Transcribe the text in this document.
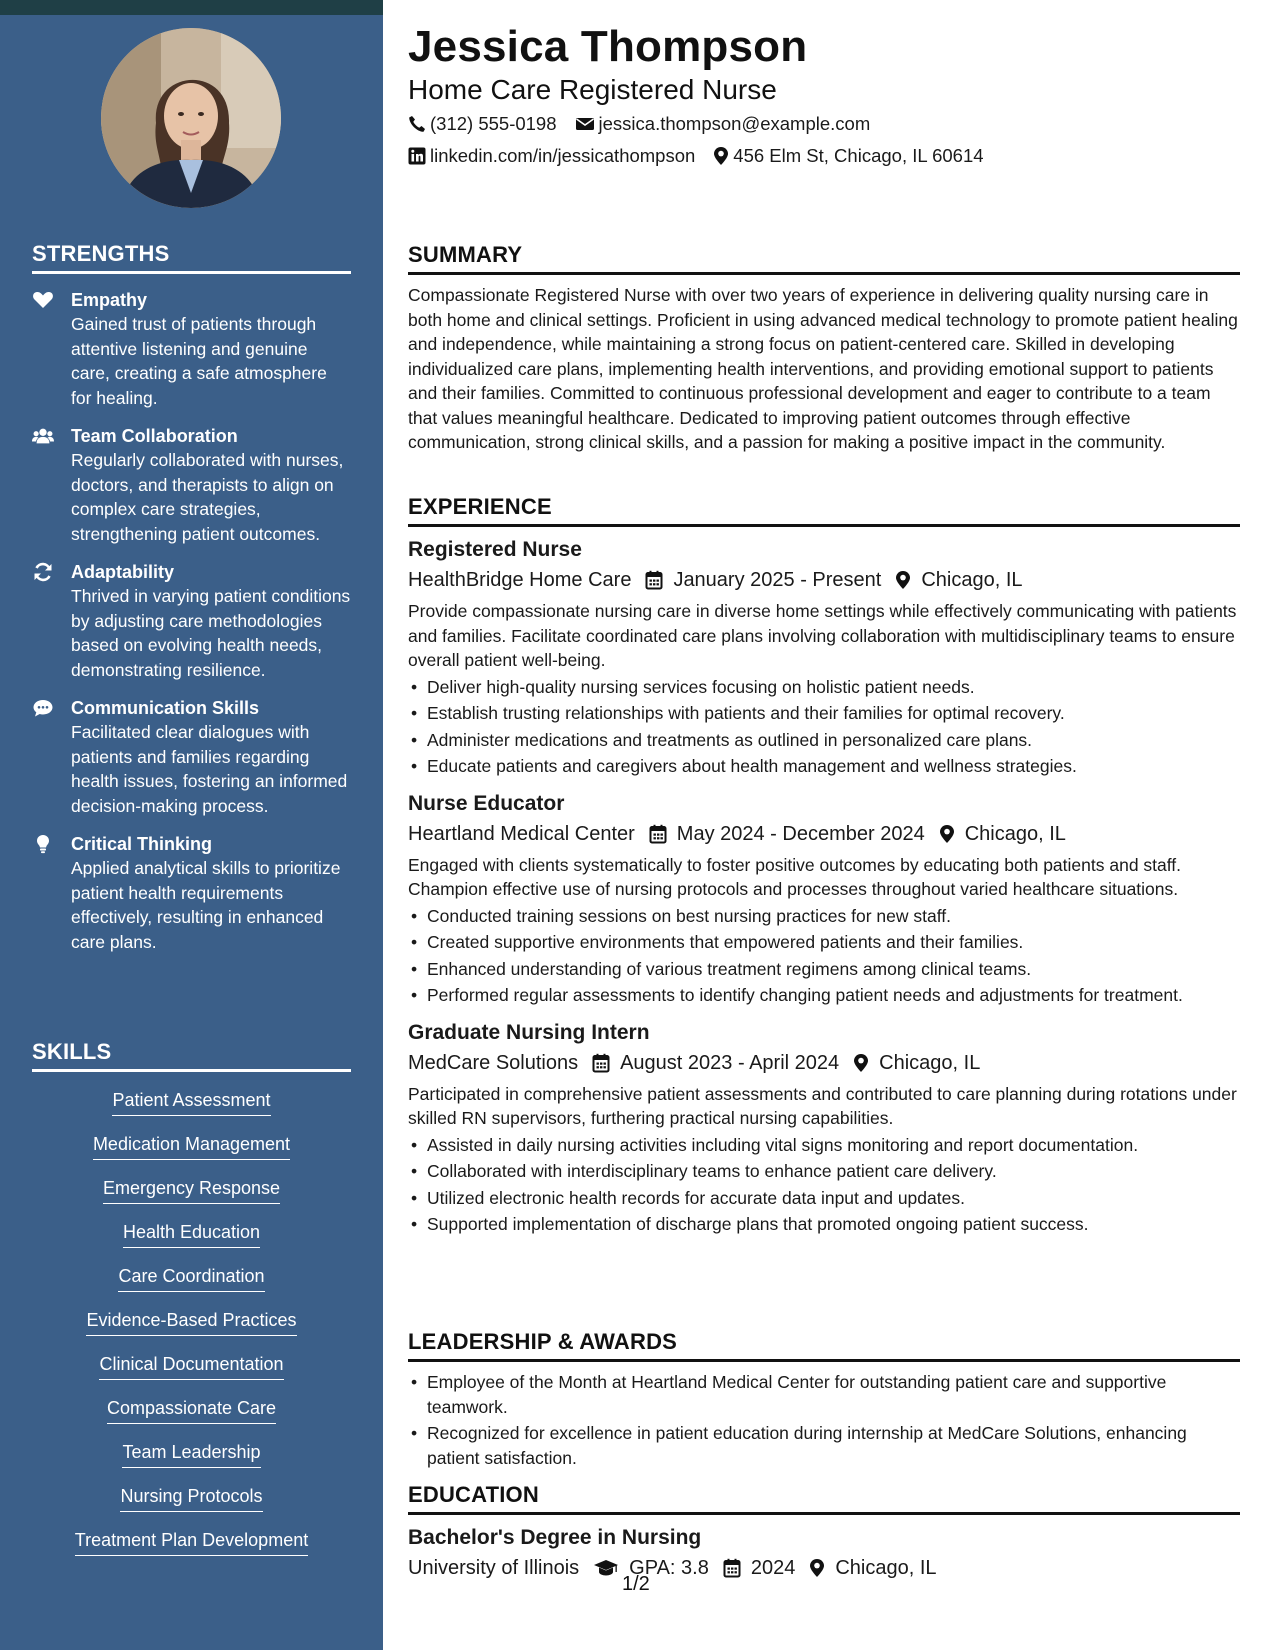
STRENGTHS
Empathy
Gained trust of patients through attentive listening and genuine care, creating a safe atmosphere for healing.
Team Collaboration
Regularly collaborated with nurses, doctors, and therapists to align on complex care strategies, strengthening patient outcomes.
Adaptability
Thrived in varying patient conditions by adjusting care methodologies based on evolving health needs, demonstrating resilience.
Communication Skills
Facilitated clear dialogues with patients and families regarding health issues, fostering an informed decision-making process.
Critical Thinking
Applied analytical skills to prioritize patient health requirements effectively, resulting in enhanced care plans.
SKILLS
Patient Assessment
Medication Management
Emergency Response
Health Education
Care Coordination
Evidence-Based Practices
Clinical Documentation
Compassionate Care
Team Leadership
Nursing Protocols
Treatment Plan Development
Jessica Thompson
Home Care Registered Nurse
(312) 555-0198 jessica.thompson@example.com
linkedin.com/in/jessicathompson 456 Elm St, Chicago, IL 60614
SUMMARY
Compassionate Registered Nurse with over two years of experience in delivering quality nursing care in both home and clinical settings. Proficient in using advanced medical technology to promote patient healing and independence, while maintaining a strong focus on patient-centered care. Skilled in developing individualized care plans, implementing health interventions, and providing emotional support to patients and their families. Committed to continuous professional development and eager to contribute to a team that values meaningful healthcare. Dedicated to improving patient outcomes through effective communication, strong clinical skills, and a passion for making a positive impact in the community.
EXPERIENCE
Registered Nurse
HealthBridge Home Care January 2025 - Present Chicago, IL
Provide compassionate nursing care in diverse home settings while effectively communicating with patients and families. Facilitate coordinated care plans involving collaboration with multidisciplinary teams to ensure overall patient well-being.
• Deliver high-quality nursing services focusing on holistic patient needs.
• Establish trusting relationships with patients and their families for optimal recovery.
• Administer medications and treatments as outlined in personalized care plans.
• Educate patients and caregivers about health management and wellness strategies.
Nurse Educator
Heartland Medical Center May 2024 - December 2024 Chicago, IL
Engaged with clients systematically to foster positive outcomes by educating both patients and staff. Champion effective use of nursing protocols and processes throughout varied healthcare situations.
• Conducted training sessions on best nursing practices for new staff.
• Created supportive environments that empowered patients and their families.
• Enhanced understanding of various treatment regimens among clinical teams.
• Performed regular assessments to identify changing patient needs and adjustments for treatment.
Graduate Nursing Intern
MedCare Solutions August 2023 - April 2024 Chicago, IL
Participated in comprehensive patient assessments and contributed to care planning during rotations under skilled RN supervisors, furthering practical nursing capabilities.
• Assisted in daily nursing activities including vital signs monitoring and report documentation.
• Collaborated with interdisciplinary teams to enhance patient care delivery.
• Utilized electronic health records for accurate data input and updates.
• Supported implementation of discharge plans that promoted ongoing patient success.
LEADERSHIP & AWARDS
• Employee of the Month at Heartland Medical Center for outstanding patient care and supportive teamwork.
• Recognized for excellence in patient education during internship at MedCare Solutions, enhancing patient satisfaction.
EDUCATION
Bachelor's Degree in Nursing
University of Illinois	GPA: 3.8 2024 Chicago, IL
1/2
